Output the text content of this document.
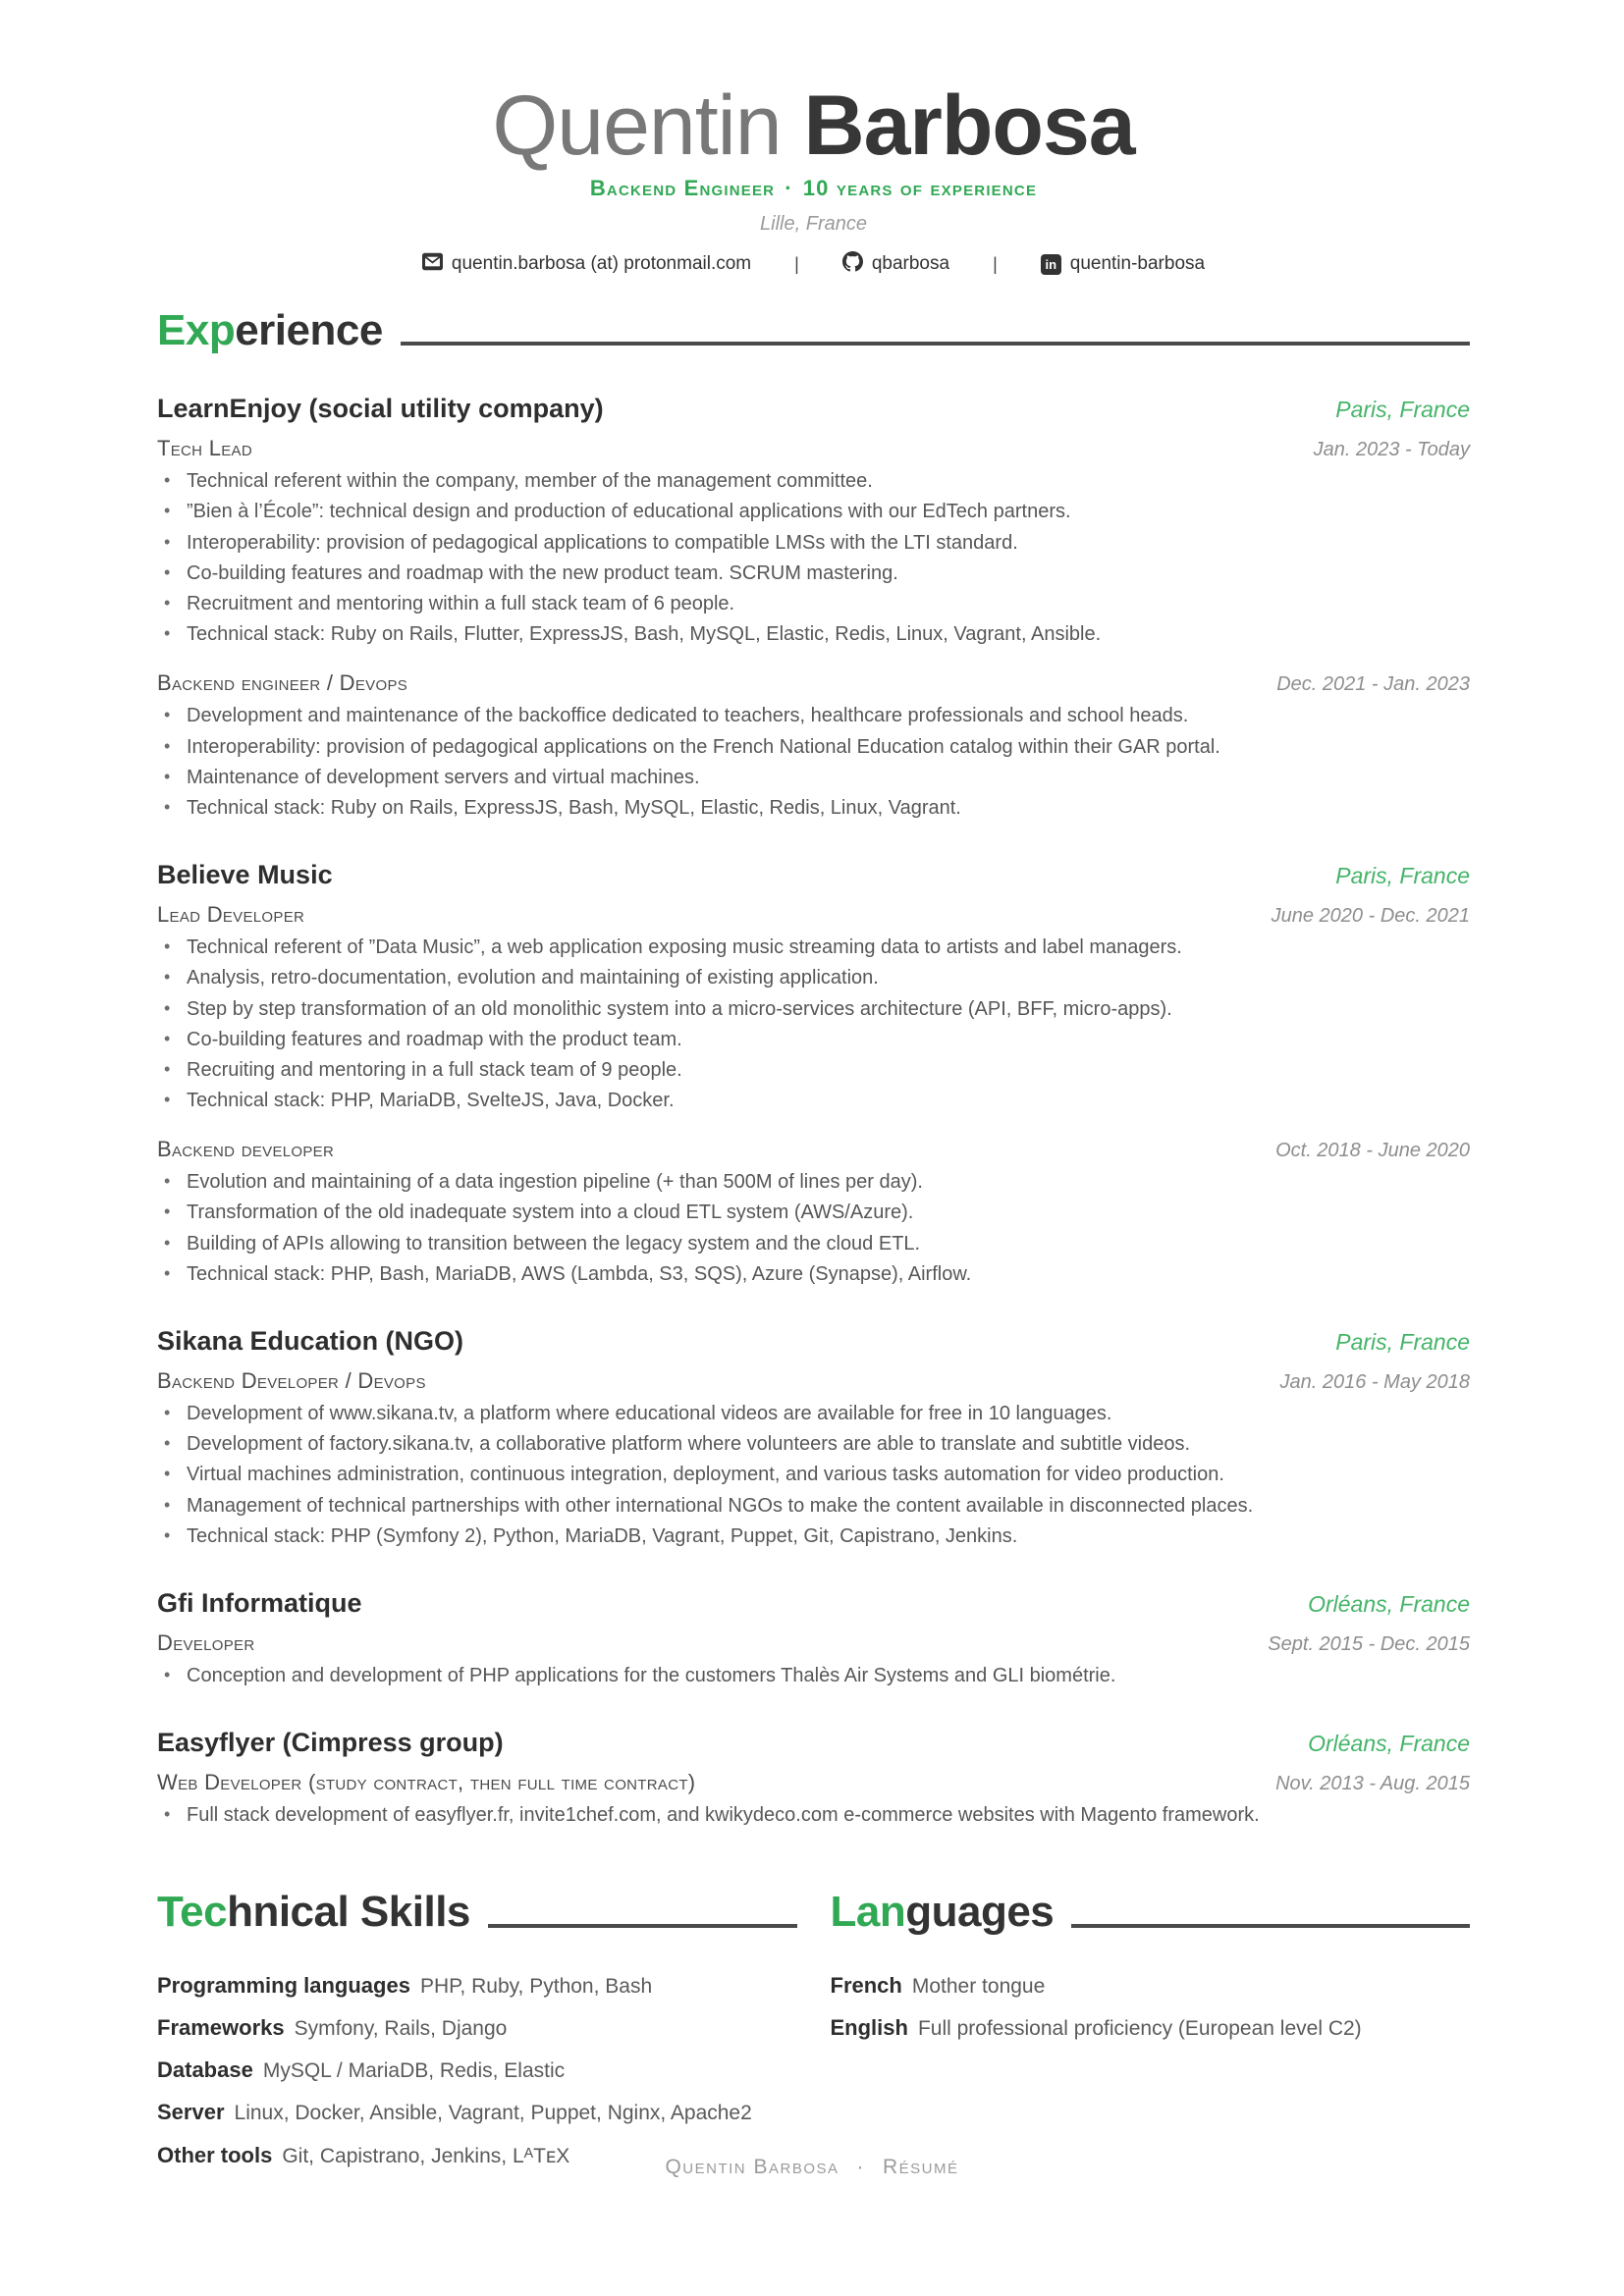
Quentin Barbosa
Backend Engineer · 10 years of experience
Lille, France
quentin.barbosa (at) protonmail.com |	qbarbosa |	in quentin-barbosa
Exp erience
LearnEnjoy (social utility company)	Paris, France
Tech Lead	Jan. 2023 - Today
• Technical referent within the company, member of the management committee.
• ”Bien à l’École”: technical design and production of educational applications with our EdTech partners.
• Interoperability: provision of pedagogical applications to compatible LMSs with the LTI standard.
• Co-building features and roadmap with the new product team. SCRUM mastering.
• Recruitment and mentoring within a full stack team of 6 people.
• Technical stack: Ruby on Rails, Flutter, ExpressJS, Bash, MySQL, Elastic, Redis, Linux, Vagrant, Ansible.
Backend engineer / Devops	Dec. 2021 - Jan. 2023
• Development and maintenance of the backoffice dedicated to teachers, healthcare professionals and school heads.
• Interoperability: provision of pedagogical applications on the French National Education catalog within their GAR portal.
• Maintenance of development servers and virtual machines.
• Technical stack: Ruby on Rails, ExpressJS, Bash, MySQL, Elastic, Redis, Linux, Vagrant.
Believe Music	Paris, France
Lead Developer	June 2020 - Dec. 2021
• Technical referent of ”Data Music”, a web application exposing music streaming data to artists and label managers.
• Analysis, retro-documentation, evolution and maintaining of existing application.
• Step by step transformation of an old monolithic system into a micro-services architecture (API, BFF, micro-apps).
• Co-building features and roadmap with the product team.
• Recruiting and mentoring in a full stack team of 9 people.
• Technical stack: PHP, MariaDB, SvelteJS, Java, Docker.
Backend developer	Oct. 2018 - June 2020
• Evolution and maintaining of a data ingestion pipeline (+ than 500M of lines per day).
• Transformation of the old inadequate system into a cloud ETL system (AWS/Azure).
• Building of APIs allowing to transition between the legacy system and the cloud ETL.
• Technical stack: PHP, Bash, MariaDB, AWS (Lambda, S3, SQS), Azure (Synapse), Airflow.
Sikana Education (NGO)	Paris, France
Backend Developer / Devops	Jan. 2016 - May 2018
• Development of www.sikana.tv, a platform where educational videos are available for free in 10 languages.
• Development of factory.sikana.tv, a collaborative platform where volunteers are able to translate and subtitle videos.
• Virtual machines administration, continuous integration, deployment, and various tasks automation for video production.
• Management of technical partnerships with other international NGOs to make the content available in disconnected places.
• Technical stack: PHP (Symfony 2), Python, MariaDB, Vagrant, Puppet, Git, Capistrano, Jenkins.
Gfi Informatique	Orléans, France
Developer	Sept. 2015 - Dec. 2015
• Conception and development of PHP applications for the customers Thalès Air Systems and GLI biométrie.
Easyflyer (Cimpress group)	Orléans, France
Web Developer (study contract, then full time contract)	Nov. 2013 - Aug. 2015
• Full stack development of easyflyer.fr, invite1chef.com, and kwikydeco.com e-commerce websites with Magento framework.
Tec hnical Skills
Programming languages PHP, Ruby, Python, Bash
Frameworks Symfony, Rails, Django
Database MySQL / MariaDB, Redis, Elastic
Server Linux, Docker, Ansible, Vagrant, Puppet, Nginx, Apache2
Other tools Git, Capistrano, Jenkins, LᴬTᴇX
Lan guages
French Mother tongue
English Full professional proficiency (European level C2)
Quentin Barbosa · Résumé
